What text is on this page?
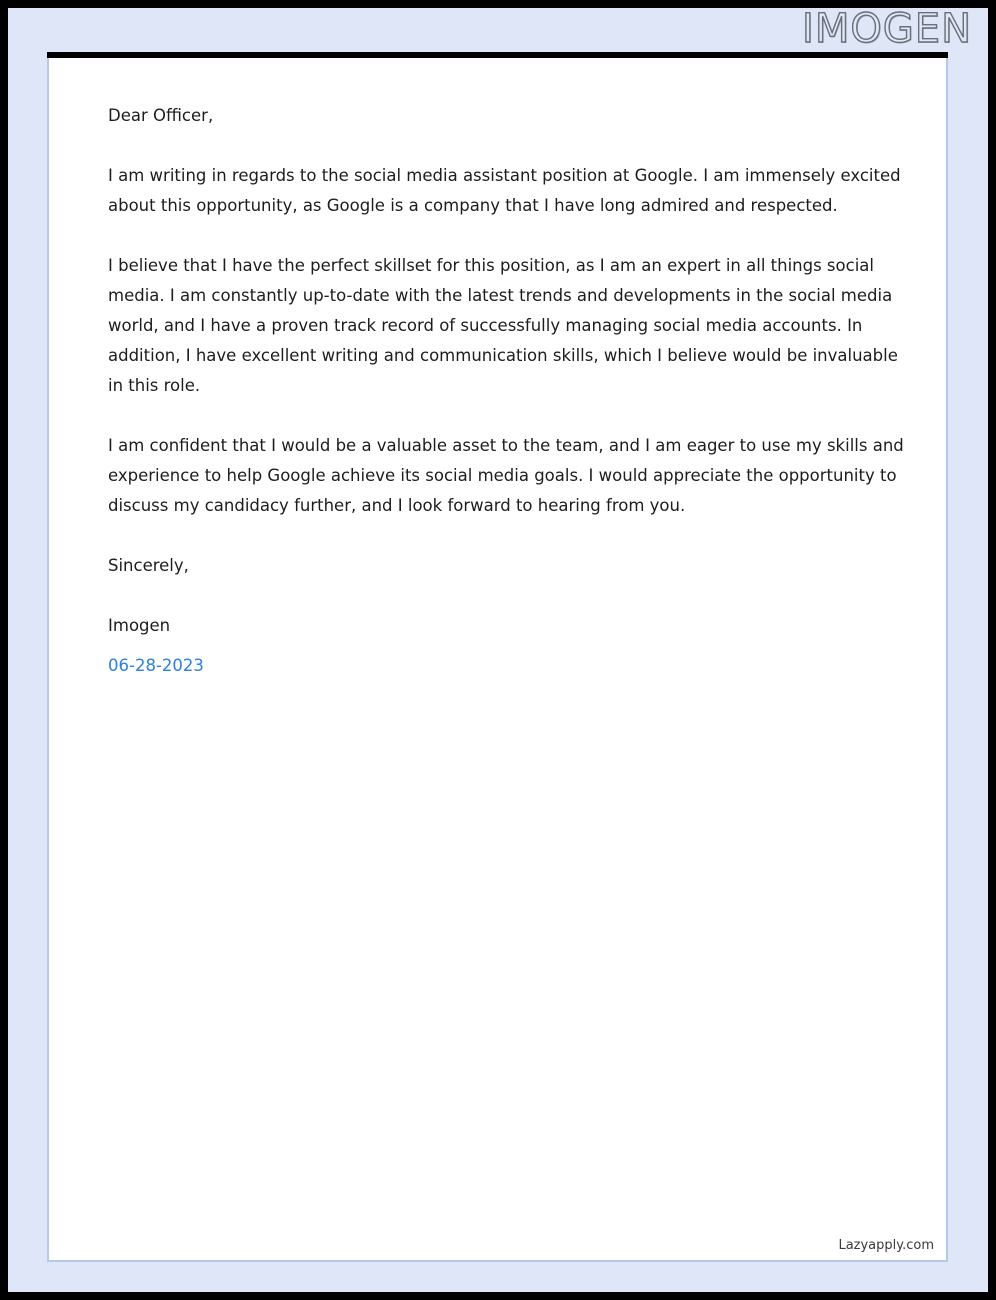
IMOGEN

Dear Officer,

I am writing in regards to the social media assistant position at Google. I am immensely excited about this opportunity, as Google is a company that I have long admired and respected.

I believe that I have the perfect skillset for this position, as I am an expert in all things social media. I am constantly up-to-date with the latest trends and developments in the social media world, and I have a proven track record of successfully managing social media accounts. In addition, I have excellent writing and communication skills, which I believe would be invaluable in this role.

I am confident that I would be a valuable asset to the team, and I am eager to use my skills and experience to help Google achieve its social media goals. I would appreciate the opportunity to discuss my candidacy further, and I look forward to hearing from you.

Sincerely,

Imogen

06-28-2023

Lazyapply.com
